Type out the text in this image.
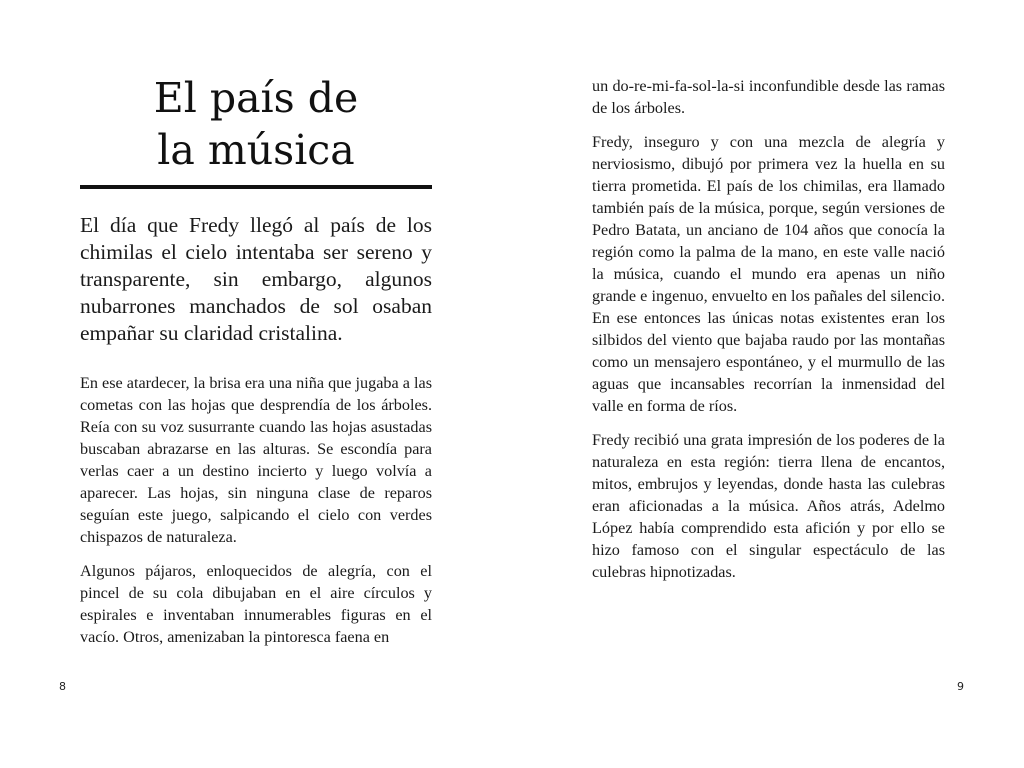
El país de
la música

El día que Fredy llegó al país de los chimilas el cielo intentaba ser sereno y transparente, sin embargo, algunos nubarrones manchados de sol osaban empañar su claridad cristalina.

En ese atardecer, la brisa era una niña que jugaba a las cometas con las hojas que desprendía de los árboles. Reía con su voz susurrante cuando las hojas asustadas buscaban abrazarse en las alturas. Se escondía para verlas caer a un destino incierto y luego volvía a aparecer. Las hojas, sin ninguna clase de reparos seguían este juego, salpicando el cielo con verdes chispazos de naturaleza.

Algunos pájaros, enloquecidos de alegría, con el pincel de su cola dibujaban en el aire círculos y espirales e inventaban innumerables figuras en el vacío. Otros, amenizaban la pintoresca faena en

8

un do-re-mi-fa-sol-la-si inconfundible desde las ramas de los árboles.

Fredy, inseguro y con una mezcla de alegría y nerviosismo, dibujó por primera vez la huella en su tierra prometida. El país de los chimilas, era llamado también país de la música, porque, según versiones de Pedro Batata, un anciano de 104 años que conocía la región como la palma de la mano, en este valle nació la música, cuando el mundo era apenas un niño grande e ingenuo, envuelto en los pañales del silencio. En ese entonces las únicas notas existentes eran los silbidos del viento que bajaba raudo por las montañas como un mensajero espontáneo, y el murmullo de las aguas que incansables recorrían la inmensidad del valle en forma de ríos.

Fredy recibió una grata impresión de los poderes de la naturaleza en esta región: tierra llena de encantos, mitos, embrujos y leyendas, donde hasta las culebras eran aficionadas a la música. Años atrás, Adelmo López había comprendido esta afición y por ello se hizo famoso con el singular espectáculo de las culebras hipnotizadas.

9
